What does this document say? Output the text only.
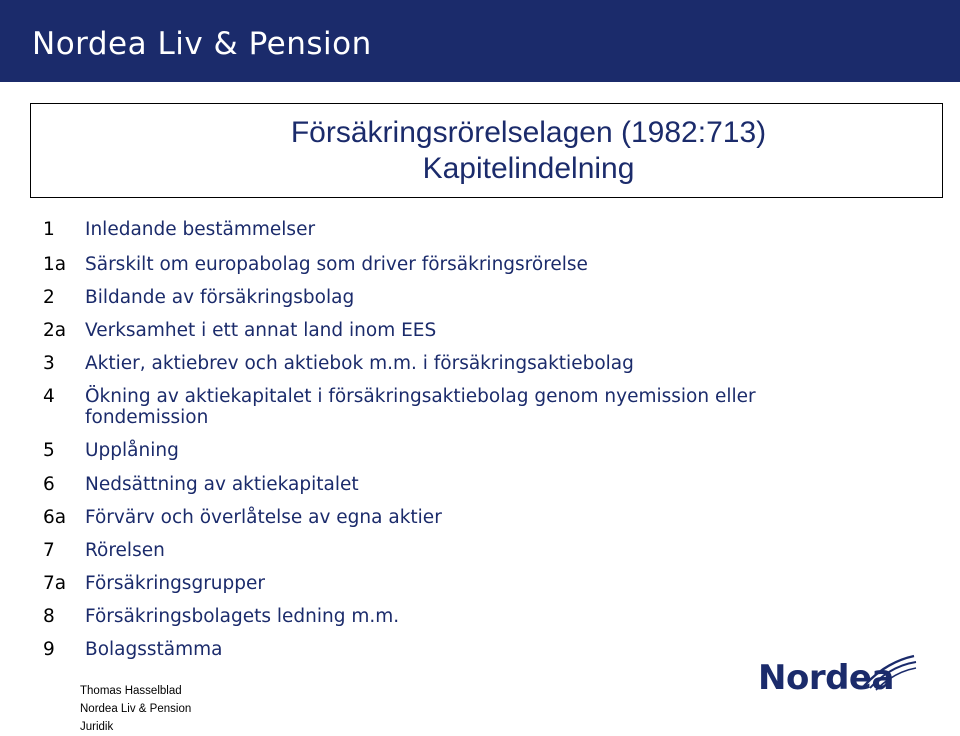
Nordea Liv & Pension
Försäkringsrörelselagen (1982:713)
Kapitelindelning
1 Inledande bestämmelser
1a Särskilt om europabolag som driver försäkringsrörelse
2 Bildande av försäkringsbolag
2a Verksamhet i ett annat land inom EES
3 Aktier, aktiebrev och aktiebok m.m. i försäkringsaktiebolag
4 Ökning av aktiekapitalet i försäkringsaktiebolag genom nyemission eller fondemission
5 Upplåning
6 Nedsättning av aktiekapitalet
6a Förvärv och överlåtelse av egna aktier
7 Rörelsen
7a Försäkringsgrupper
8 Försäkringsbolagets ledning m.m.
9 Bolagsstämma
Thomas Hasselblad
Nordea Liv & Pension
Juridik
Nordea
